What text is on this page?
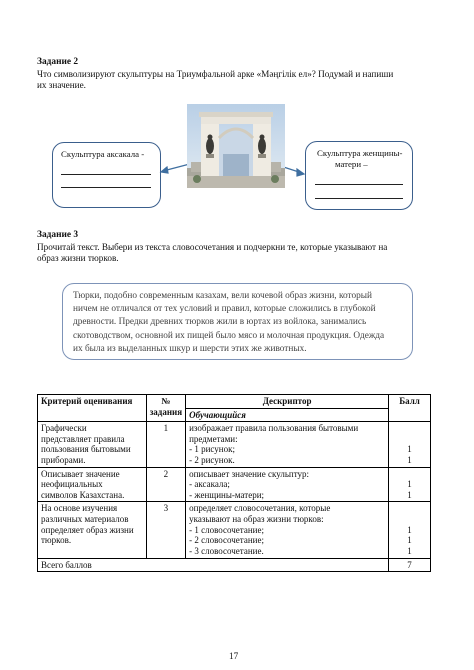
Задание 2
Что символизируют скульптуры на Триумфальной арке «Мәңгілік ел»? Подумай и напиши
их значение.
Скульптура аксакала -	Скульптура женщины-
матери –
Задание 3
Прочитай текст. Выбери из текста словосочетания и подчеркни те, которые указывают на
образ жизни тюрков.
Тюрки, подобно современным казахам, вели кочевой образ жизни, который
ничем не отличался от тех условий и правил, которые сложились в глубокой
древности. Предки древних тюрков жили в юртах из войлока, занимались
скотоводством, основной их пищей было мясо и молочная продукция. Одежда
их была из выделанных шкур и шерсти этих же животных.
Критерий оценивания	№
задания	Дескриптор	Балл
		Обучающийся	

Графически
представляет правила
пользования бытовыми
приборами.	1	изображает правила пользования бытовыми
предметами:
- 1 рисунок;
- 2 рисунок.	1
1

Описывает значение
неофициальных
символов Казахстана.	2	описывает значение скульптур:
- аксакала;
- женщины-матери;	1
1

На основе изучения
различных материалов
определяет образ жизни
тюрков.	3	определяет словосочетания, которые
указывают на образ жизни тюрков:
- 1 словосочетание;
- 2 словосочетание;
- 3 словосочетание.	1
1
1

Всего баллов			7
17
